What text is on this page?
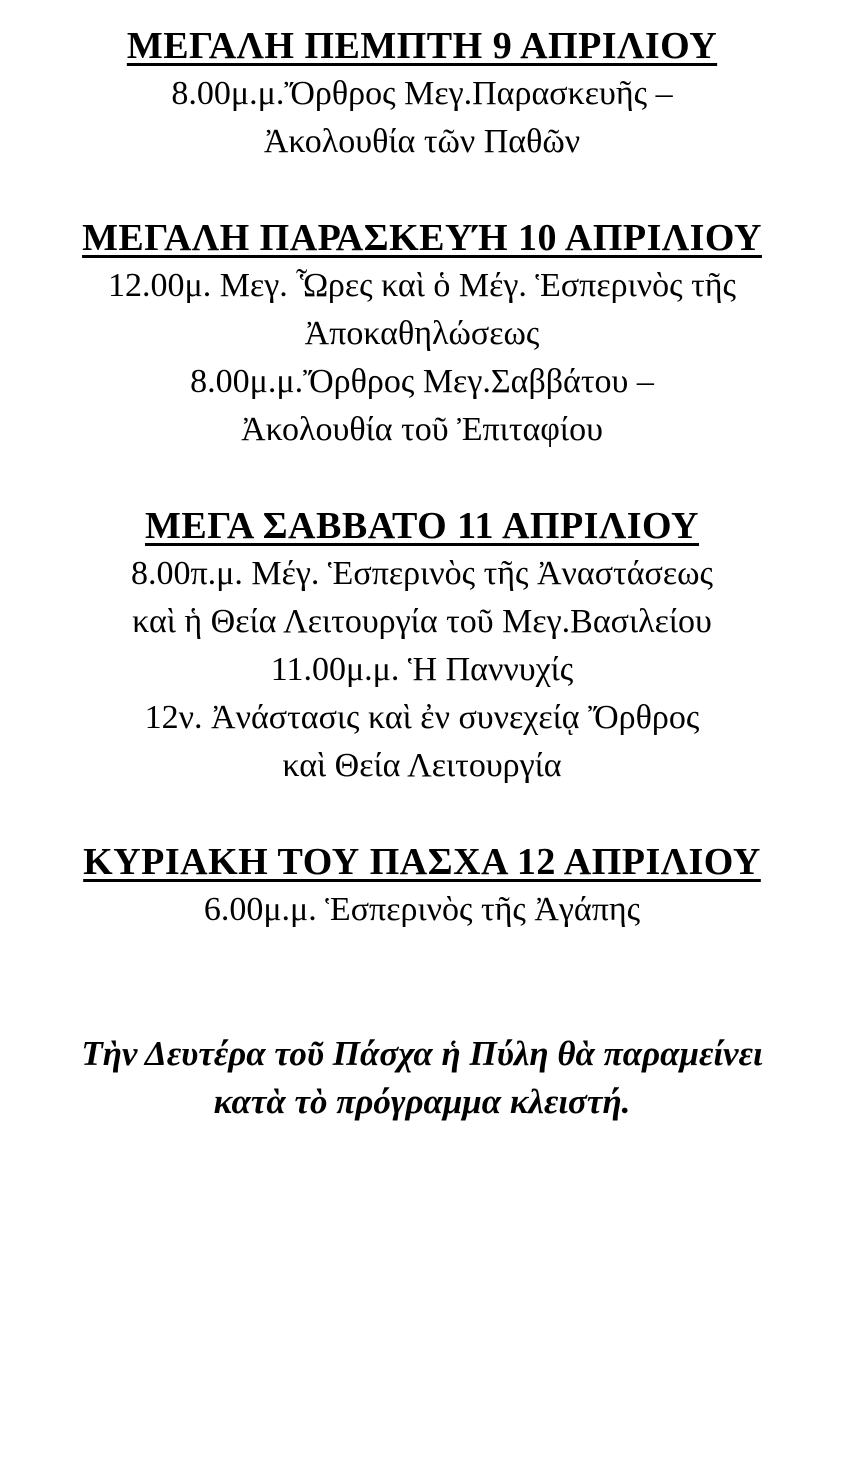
ΜΕΓΑΛΗ ΠΕΜΠΤΗ 9 ΑΠΡΙΛΙΟΥ
8.00μ.μ.Ὄρθρος Μεγ.Παρασκευῆς –
Ἀκολουθία τῶν Παθῶν
ΜΕΓΑΛΗ ΠΑΡΑΣΚΕΥΉ 10 ΑΠΡΙΛΙΟΥ
12.00μ. Μεγ. Ὧρες καὶ ὁ Μέγ. Ἑσπερινὸς τῆς
Ἀποκαθηλώσεως
8.00μ.μ.Ὄρθρος Μεγ.Σαββάτου –
Ἀκολουθία τοῦ Ἐπιταφίου
ΜΕΓΑ ΣΑΒΒΑΤΟ 11 ΑΠΡΙΛΙΟΥ
8.00π.μ. Μέγ. Ἑσπερινὸς τῆς Ἀναστάσεως
καὶ ἡ Θεία Λειτουργία τοῦ Μεγ.Βασιλείου
11.00μ.μ. Ἡ Παννυχίς
12ν. Ἀνάστασις καὶ ἐν συνεχείᾳ Ὄρθρος
καὶ Θεία Λειτουργία
ΚΥΡΙΑΚΗ ΤΟΥ ΠΑΣΧΑ 12 ΑΠΡΙΛΙΟΥ
6.00μ.μ. Ἑσπερινὸς τῆς Ἀγάπης
Τὴν Δευτέρα τοῦ Πάσχα ἡ Πύλη θὰ παραμείνει
κατὰ τὸ πρόγραμμα κλειστή.
